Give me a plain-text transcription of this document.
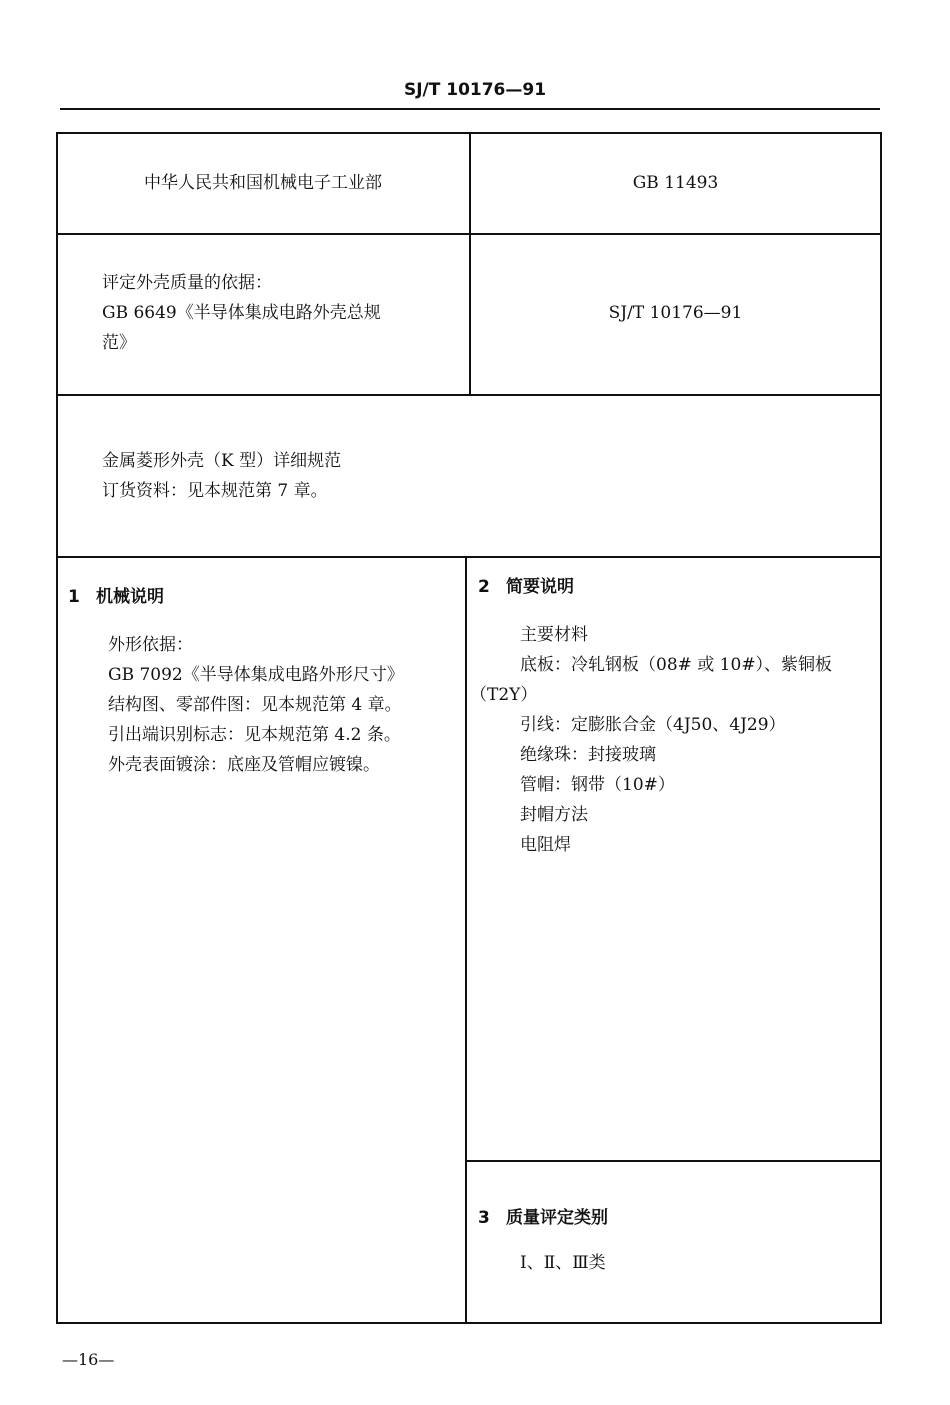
SJ/T 10176—91
中华人民共和国机械电子工业部	GB 11493
评定外壳质量的依据：
GB 6649《半导体集成电路外壳总规
范》
SJ/T 10176—91
金属菱形外壳（K 型）详细规范
订货资料：见本规范第 7 章。
1 机械说明
外形依据：
GB 7092《半导体集成电路外形尺寸》
结构图、零部件图：见本规范第 4 章。
引出端识别标志：见本规范第 4.2 条。
外壳表面镀涂：底座及管帽应镀镍。
2 简要说明
主要材料
底板：冷轧钢板（08# 或 10#）、紫铜板
（T2Y）
引线：定膨胀合金（4J50、4J29）
绝缘珠：封接玻璃
管帽：钢带（10#）
封帽方法
电阻焊
3 质量评定类别
Ⅰ、Ⅱ、Ⅲ类
—16—
